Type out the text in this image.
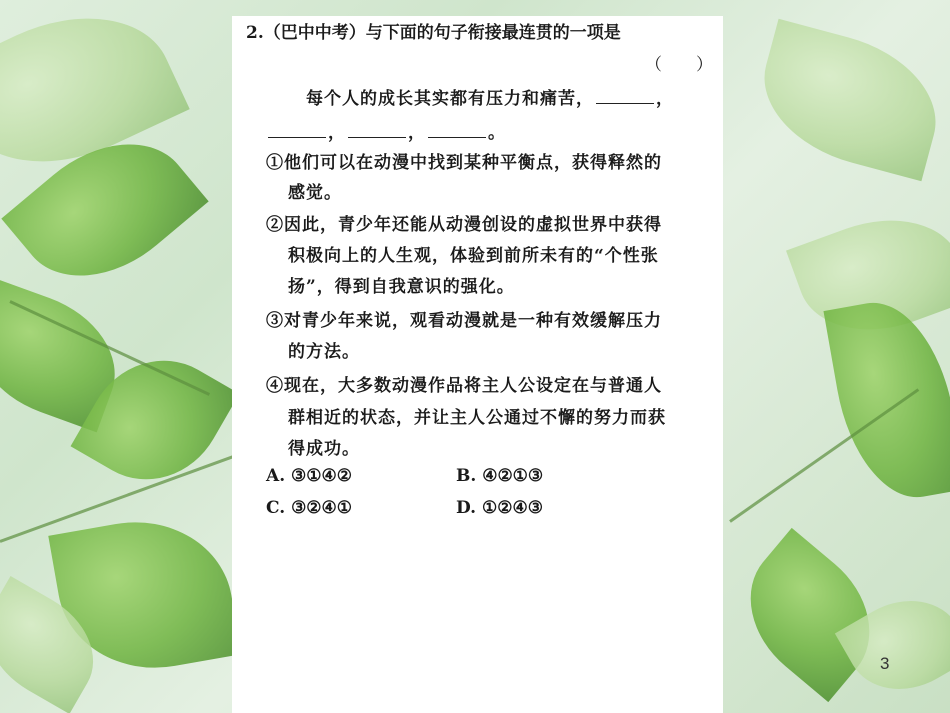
2.（巴中中考）与下面的句子衔接最连贯的一项是
（　　）
每个人的成长其实都有压力和痛苦，	，
，	，	。
①他们可以在动漫中找到某种平衡点，获得释然的
感觉。
②因此，青少年还能从动漫创设的虚拟世界中获得
积极向上的人生观，体验到前所未有的“个性张
扬”，得到自我意识的强化。
③对青少年来说，观看动漫就是一种有效缓解压力
的方法。
④现在，大多数动漫作品将主人公设定在与普通人
群相近的状态，并让主人公通过不懈的努力而获
得成功。
A. ③①④②	B. ④②①③
C. ③②④①	D. ①②④③
3
